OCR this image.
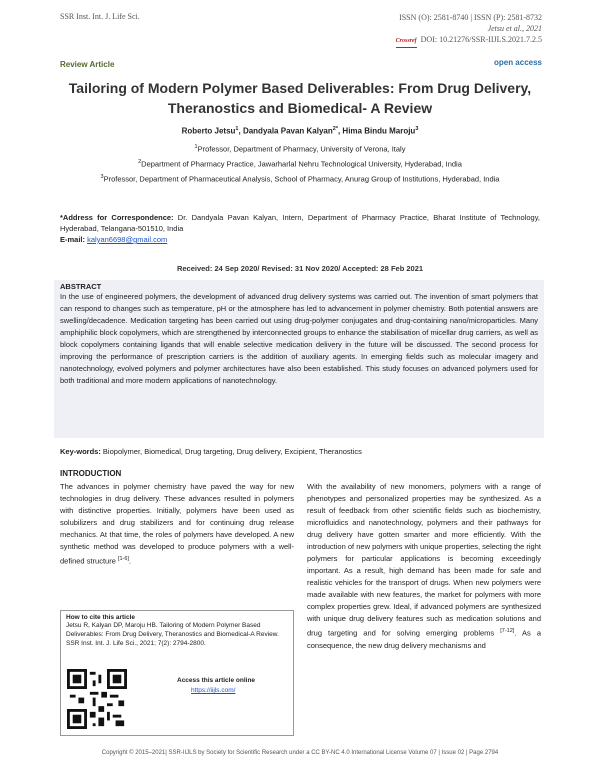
SSR Inst. Int. J. Life Sci.	ISSN (O): 2581-8740 | ISSN (P): 2581-8732
Jetsu et al., 2021
Crossref DOI: 10.21276/SSR-IIJLS.2021.7.2.5
Review Article	open access
Tailoring of Modern Polymer Based Deliverables: From Drug Delivery, Theranostics and Biomedical- A Review
Roberto Jetsu$^1$, Dandyala Pavan Kalyan$^{2*}$, Hima Bindu Maroju$^3$
$^1$Professor, Department of Pharmacy, University of Verona, Italy
$^2$Department of Pharmacy Practice, Jawarharlal Nehru Technological University, Hyderabad, India
$^3$Professor, Department of Pharmaceutical Analysis, School of Pharmacy, Anurag Group of Institutions, Hyderabad, India
*Address for Correspondence: Dr. Dandyala Pavan Kalyan, Intern, Department of Pharmacy Practice, Bharat Institute of Technology, Hyderabad, Telangana-501510, India
E-mail: kalyan6698@gmail.com
Received: 24 Sep 2020/ Revised: 31 Nov 2020/ Accepted: 28 Feb 2021
ABSTRACT
In the use of engineered polymers, the development of advanced drug delivery systems was carried out. The invention of smart polymers that can respond to changes such as temperature, pH or the atmosphere has led to advancement in polymer chemistry. Both potential answers are swelling/decadence. Medication targeting has been carried out using drug-polymer conjugates and drug-containing nano/microparticles. Many amphiphilic block copolymers, which are strengthened by interconnected groups to enhance the stabilisation of micellar drug carriers, as well as block copolymers containing ligands that will enable selective medication delivery in the future will be discussed. The second process for improving the performance of prescription carriers is the addition of auxiliary agents. In emerging fields such as molecular imagery and nanotechnology, evolved polymers and polymer architectures have also been established. This study focuses on advanced polymers used for both traditional and more modern applications of nanotechnology.
Key-words: Biopolymer, Biomedical, Drug targeting, Drug delivery, Excipient, Theranostics
INTRODUCTION
The advances in polymer chemistry have paved the way for new technologies in drug delivery. These advances resulted in polymers with distinctive properties. Initially, polymers have been used as solubilizers and drug stabilizers and for continuing drug release mechanics. At that time, the roles of polymers have developed. A new synthetic method was developed to produce polymers with a well-defined structure [1-6].
With the availability of new monomers, polymers with a range of phenotypes and personalized properties may be synthesized. As a result of feedback from other scientific fields such as biochemistry, microfluidics and nanotechnology, polymers and their pathways for drug delivery have gotten smarter and more efficiently. With the introduction of new polymers with unique properties, selecting the right polymers for particular applications is becoming exceedingly important. As a result, high demand has been made for safe and realistic vehicles for the transport of drugs. When new polymers were made available with new features, the market for polymers with more complex properties grew. Ideal, if advanced polymers are synthesized with unique drug delivery features such as medication solutions and drug targeting and for solving emerging problems [7-12]. As a consequence, the new drug delivery mechanisms and
How to cite this article
Jetsu R, Kalyan DP, Maroju HB. Tailoring of Modern Polymer Based Deliverables: From Drug Delivery, Theranostics and Biomedical-A Review. SSR Inst. Int. J. Life Sci., 2021; 7(2): 2794-2800.
Access this article online
https://iijls.com/
Copyright © 2015–2021| SSR-IIJLS by Society for Scientific Research under a CC BY-NC 4.0 International License Volume 07 | Issue 02 | Page 2794
